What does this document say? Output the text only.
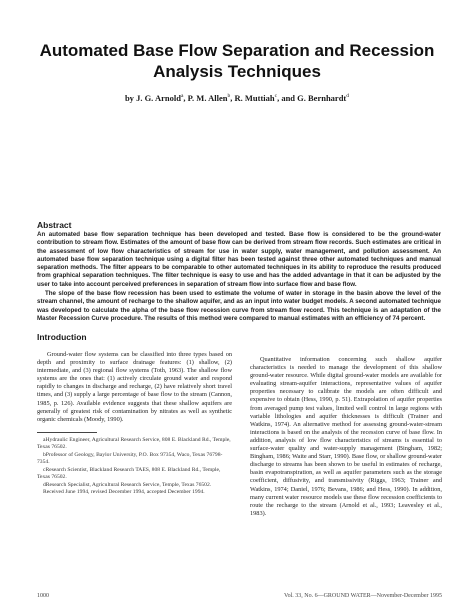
Automated Base Flow Separation and Recession
Analysis Techniques
by J. G. Arnold$^a$, P. M. Allen$^b$, R. Muttiah$^c$, and G. Bernhardt$^d$
Abstract

An automated base flow separation technique has been developed and tested. Base flow is considered to be the ground-water contribution to stream flow. Estimates of the amount of base flow can be derived from stream flow records. Such estimates are critical in the assessment of low flow characteristics of stream for use in water supply, water management, and pollution assessment. An automated base flow separation technique using a digital filter has been tested against three other automated techniques and manual separation methods. The filter appears to be comparable to other automated techniques in its ability to reproduce the results produced from graphical separation techniques. The filter technique is easy to use and has the added advantage in that it can be adjusted by the user to take into account perceived preferences in separation of stream flow into surface flow and base flow.

The slope of the base flow recession has been used to estimate the volume of water in storage in the basin above the level of the stream channel, the amount of recharge to the shallow aquifer, and as an input into water budget models. A second automated technique was developed to calculate the alpha of the base flow recession curve from stream flow record. This technique is an adaptation of the Master Recession Curve procedure. The results of this method were compared to manual estimates with an efficiency of 74 percent.

Introduction

Ground-water flow systems can be classified into three types based on depth and proximity to surface drainage features: (1) shallow, (2) intermediate, and (3) regional flow systems (Toth, 1963). The shallow flow systems are the ones that: (1) actively circulate ground water and respond rapidly to changes in discharge and recharge, (2) have relatively short travel times, and (3) supply a large percentage of base flow to the stream (Cannon, 1985, p. 126). Available evidence suggests that these shallow aquifers are generally of greatest risk of contamination by nitrates as well as synthetic organic chemicals (Moody, 1990).

aHydraulic Engineer, Agricultural Research Service, 808 E. Blackland Rd., Temple, Texas 76502.

bProfessor of Geology, Baylor University, P.O. Box 97354, Waco, Texas 76798-7354.

cResearch Scientist, Blackland Research TAES, 808 E. Blackland Rd., Temple, Texas 76502.

dResearch Specialist, Agricultural Research Service, Temple, Texas 76502.

Received June 1994, revised December 1994, accepted December 1994.

Quantitative information concerning such shallow aquifer characteristics is needed to manage the development of this shallow ground-water resource. While digital ground-water models are available for evaluating stream-aquifer interactions, representative values of aquifer properties necessary to calibrate the models are often difficult and expensive to obtain (Hess, 1990, p. 51). Extrapolation of aquifer properties from averaged pump test values, limited well control in large regions with variable lithologies and aquifer thicknesses is difficult (Trainer and Watkins, 1974). An alternative method for assessing ground-water-stream interactions is based on the analysis of the recession curve of base flow. In addition, analysis of low flow characteristics of streams is essential to surface-water quality and water-supply management (Bingham, 1982; Bingham, 1986; Waite and Starr, 1990). Base flow, or shallow ground-water discharge to streams has been shown to be useful in estimates of recharge, basin evapotranspiration, as well as aquifer parameters such as the storage coefficient, diffusivity, and transmissivity (Riggs, 1963; Trainer and Watkins, 1974; Daniel, 1976; Bevans, 1986; and Hess, 1990). In addition, many current water resource models use these flow recession coefficients to route the recharge to the stream (Arnold et al., 1993; Leavesley et al., 1983).

1000	Vol. 33, No. 6—GROUND WATER—November-December 1995
